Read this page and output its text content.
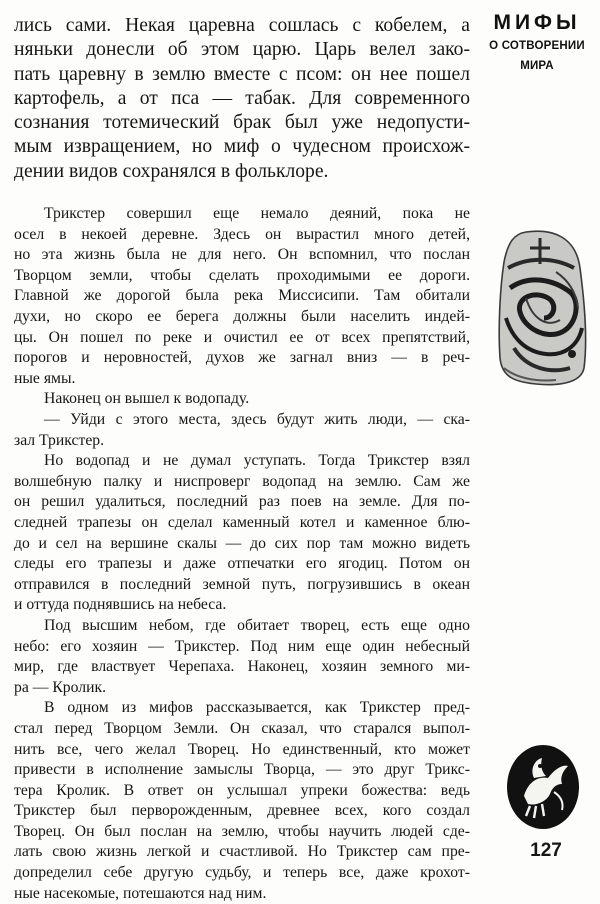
лись сами. Некая царевна сошлась с кобелем, а
няньки донесли об этом царю. Царь велел зако-
пать царевну в землю вместе с псом: он нее пошел
картофель, а от пса — табак. Для современного
сознания тотемический брак был уже недопусти-
мым извращением, но миф о чудесном происхож-
дении видов сохранялся в фольклоре.
Трикстер совершил еще немало деяний, пока не
осел в некоей деревне. Здесь он вырастил много детей,
но эта жизнь была не для него. Он вспомнил, что послан
Творцом земли, чтобы сделать проходимыми ее дороги.
Главной же дорогой была река Миссисипи. Там обитали
духи, но скоро ее берега должны были населить индей-
цы. Он пошел по реке и очистил ее от всех препятствий,
порогов и неровностей, духов же загнал вниз — в реч-
ные ямы.
Наконец он вышел к водопаду.
— Уйди с этого места, здесь будут жить люди, — ска-
зал Трикстер.
Но водопад и не думал уступать. Тогда Трикстер взял
волшебную палку и ниспроверг водопад на землю. Сам же
он решил удалиться, последний раз поев на земле. Для по-
следней трапезы он сделал каменный котел и каменное блю-
до и сел на вершине скалы — до сих пор там можно видеть
следы его трапезы и даже отпечатки его ягодиц. Потом он
отправился в последний земной путь, погрузившись в океан
и оттуда поднявшись на небеса.
Под высшим небом, где обитает творец, есть еще одно
небо: его хозяин — Трикстер. Под ним еще один небесный
мир, где властвует Черепаха. Наконец, хозяин земного ми-
ра — Кролик.
В одном из мифов рассказывается, как Трикстер пред-
стал перед Творцом Земли. Он сказал, что старался выпол-
нить все, чего желал Творец. Но единственный, кто может
привести в исполнение замыслы Творца, — это друг Трикс-
тера Кролик. В ответ он услышал упреки божества: ведь
Трикстер был перворожденным, древнее всех, кого создал
Творец. Он был послан на землю, чтобы научить людей сде-
лать свою жизнь легкой и счастливой. Но Трикстер сам пре-
допределил себе другую судьбу, и теперь все, даже крохот-
ные насекомые, потешаются над ним.
МИФЫ
О СОТВОРЕНИИ
МИРА
127
